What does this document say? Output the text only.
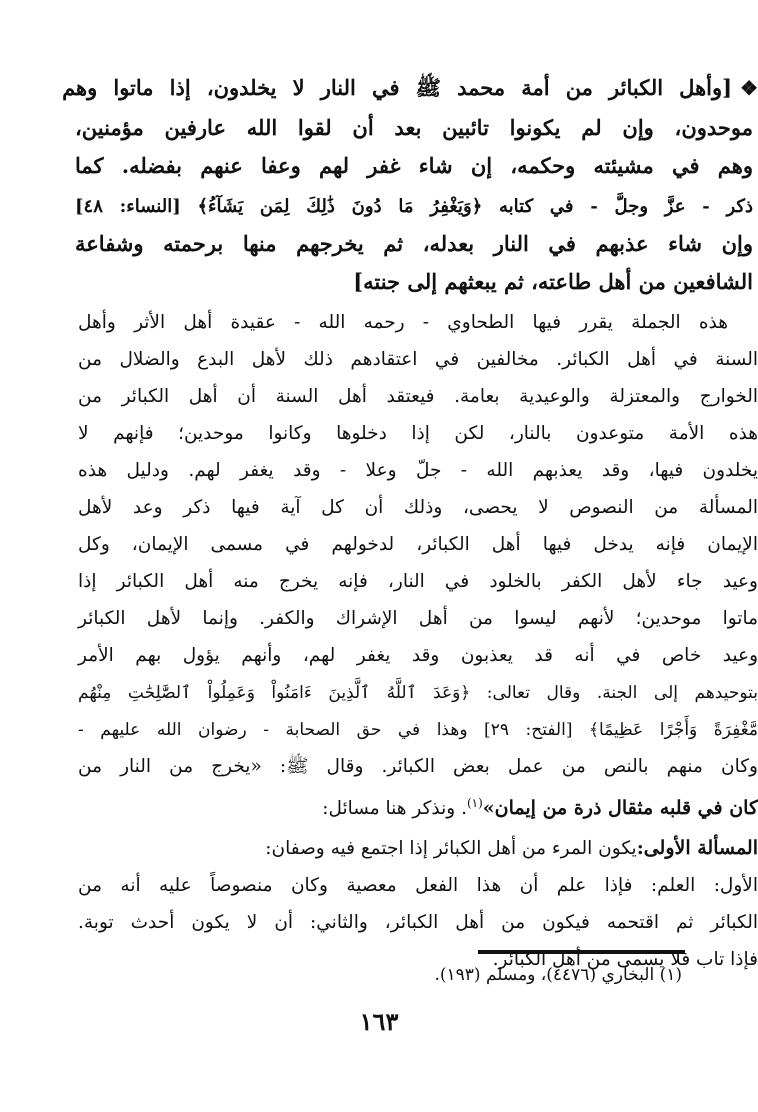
❖[وأهل الكبائر من أمة محمد ﷺ في النار لا يخلدون، إذا ماتوا وهم
موحدون، وإن لم يكونوا تائبين بعد أن لقوا الله عارفين مؤمنين،
وهم في مشيئته وحكمه، إن شاء غفر لهم وعفا عنهم بفضله. كما
ذكر - عزَّ وجلَّ - في كتابه ﴿وَيَغْفِرُ مَا دُونَ ذَٰلِكَ لِمَن يَشَآءُ﴾ [النساء: ٤٨]
وإن شاء عذبهم في النار بعدله، ثم يخرجهم منها برحمته وشفاعة
الشافعين من أهل طاعته، ثم يبعثهم إلى جنته]
هذه الجملة يقرر فيها الطحاوي - رحمه الله - عقيدة أهل الأثر وأهل
السنة في أهل الكبائر. مخالفين في اعتقادهم ذلك لأهل البدع والضلال من
الخوارج والمعتزلة والوعيدية بعامة. فيعتقد أهل السنة أن أهل الكبائر من
هذه الأمة متوعدون بالنار، لكن إذا دخلوها وكانوا موحدين؛ فإنهم لا
يخلدون فيها، وقد يعذبهم الله - جلّ وعلا - وقد يغفر لهم. ودليل هذه
المسألة من النصوص لا يحصى، وذلك أن كل آية فيها ذكر وعد لأهل
الإيمان فإنه يدخل فيها أهل الكبائر، لدخولهم في مسمى الإيمان، وكل
وعيد جاء لأهل الكفر بالخلود في النار، فإنه يخرج منه أهل الكبائر إذا
ماتوا موحدين؛ لأنهم ليسوا من أهل الإشراك والكفر. وإنما لأهل الكبائر
وعيد خاص في أنه قد يعذبون وقد يغفر لهم، وأنهم يؤول بهم الأمر
بتوحيدهم إلى الجنة. وقال تعالى: ﴿وَعَدَ ٱللَّهُ ٱلَّذِينَ ءَامَنُواْ وَعَمِلُواْ ٱلصَّٰلِحَٰتِ مِنْهُم
مَّغْفِرَةً وَأَجْرًا عَظِيمًا﴾ [الفتح: ٢٩] وهذا في حق الصحابة - رضوان الله عليهم -
وكان منهم بالنص من عمل بعض الكبائر. وقال ﷺ: «يخرج من النار من
كان في قلبه مثقال ذرة من إيمان»$^{(١)}$. ونذكر هنا مسائل:
المسألة الأولى:يكون المرء من أهل الكبائر إذا اجتمع فيه وصفان:
الأول: العلم: فإذا علم أن هذا الفعل معصية وكان منصوصاً عليه أنه من
الكبائر ثم اقتحمه فيكون من أهل الكبائر، والثاني: أن لا يكون أحدث توبة.
فإذا تاب فلا يسمى من أهل الكبائر.
(١) البخاري (٤٤٧٦)، ومسلم (١٩٣).
١٦٣
